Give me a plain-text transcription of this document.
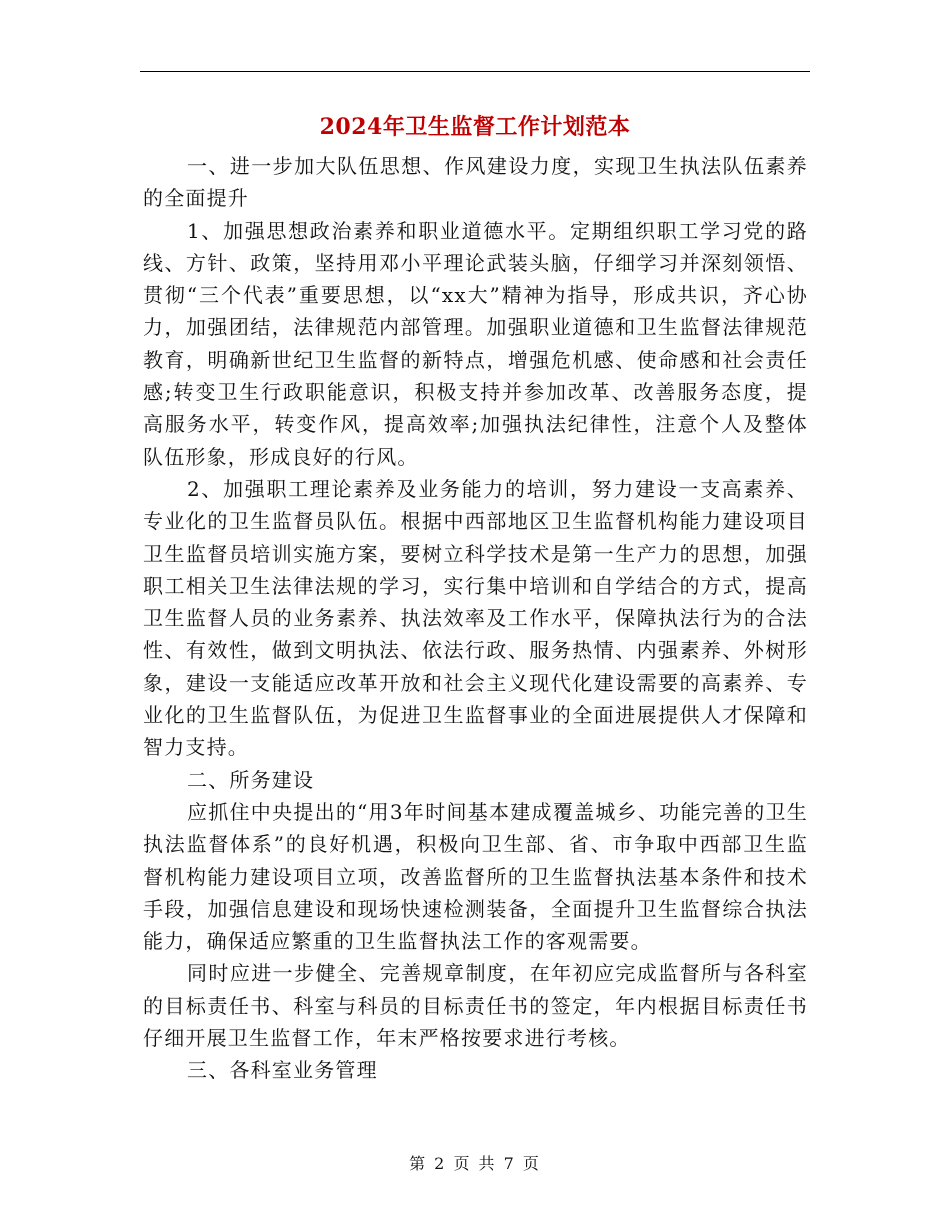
2024年卫生监督工作计划范本

一、进一步加大队伍思想、作风建设力度，实现卫生执法队伍素养的全面提升

1、加强思想政治素养和职业道德水平。定期组织职工学习党的路线、方针、政策，坚持用邓小平理论武装头脑，仔细学习并深刻领悟、贯彻“三个代表”重要思想，以“xx大”精神为指导，形成共识，齐心协力，加强团结，法律规范内部管理。加强职业道德和卫生监督法律规范教育，明确新世纪卫生监督的新特点，增强危机感、使命感和社会责任感;转变卫生行政职能意识，积极支持并参加改革、改善服务态度，提高服务水平，转变作风，提高效率;加强执法纪律性，注意个人及整体队伍形象，形成良好的行风。

2、加强职工理论素养及业务能力的培训，努力建设一支高素养、专业化的卫生监督员队伍。根据中西部地区卫生监督机构能力建设项目卫生监督员培训实施方案，要树立科学技术是第一生产力的思想，加强职工相关卫生法律法规的学习，实行集中培训和自学结合的方式，提高卫生监督人员的业务素养、执法效率及工作水平，保障执法行为的合法性、有效性，做到文明执法、依法行政、服务热情、内强素养、外树形象，建设一支能适应改革开放和社会主义现代化建设需要的高素养、专业化的卫生监督队伍，为促进卫生监督事业的全面进展提供人才保障和智力支持。

二、所务建设

应抓住中央提出的“用3年时间基本建成覆盖城乡、功能完善的卫生执法监督体系”的良好机遇，积极向卫生部、省、市争取中西部卫生监督机构能力建设项目立项，改善监督所的卫生监督执法基本条件和技术手段，加强信息建设和现场快速检测装备，全面提升卫生监督综合执法能力，确保适应繁重的卫生监督执法工作的客观需要。

同时应进一步健全、完善规章制度，在年初应完成监督所与各科室的目标责任书、科室与科员的目标责任书的签定，年内根据目标责任书仔细开展卫生监督工作，年末严格按要求进行考核。

三、各科室业务管理

第 2 页 共 7 页
